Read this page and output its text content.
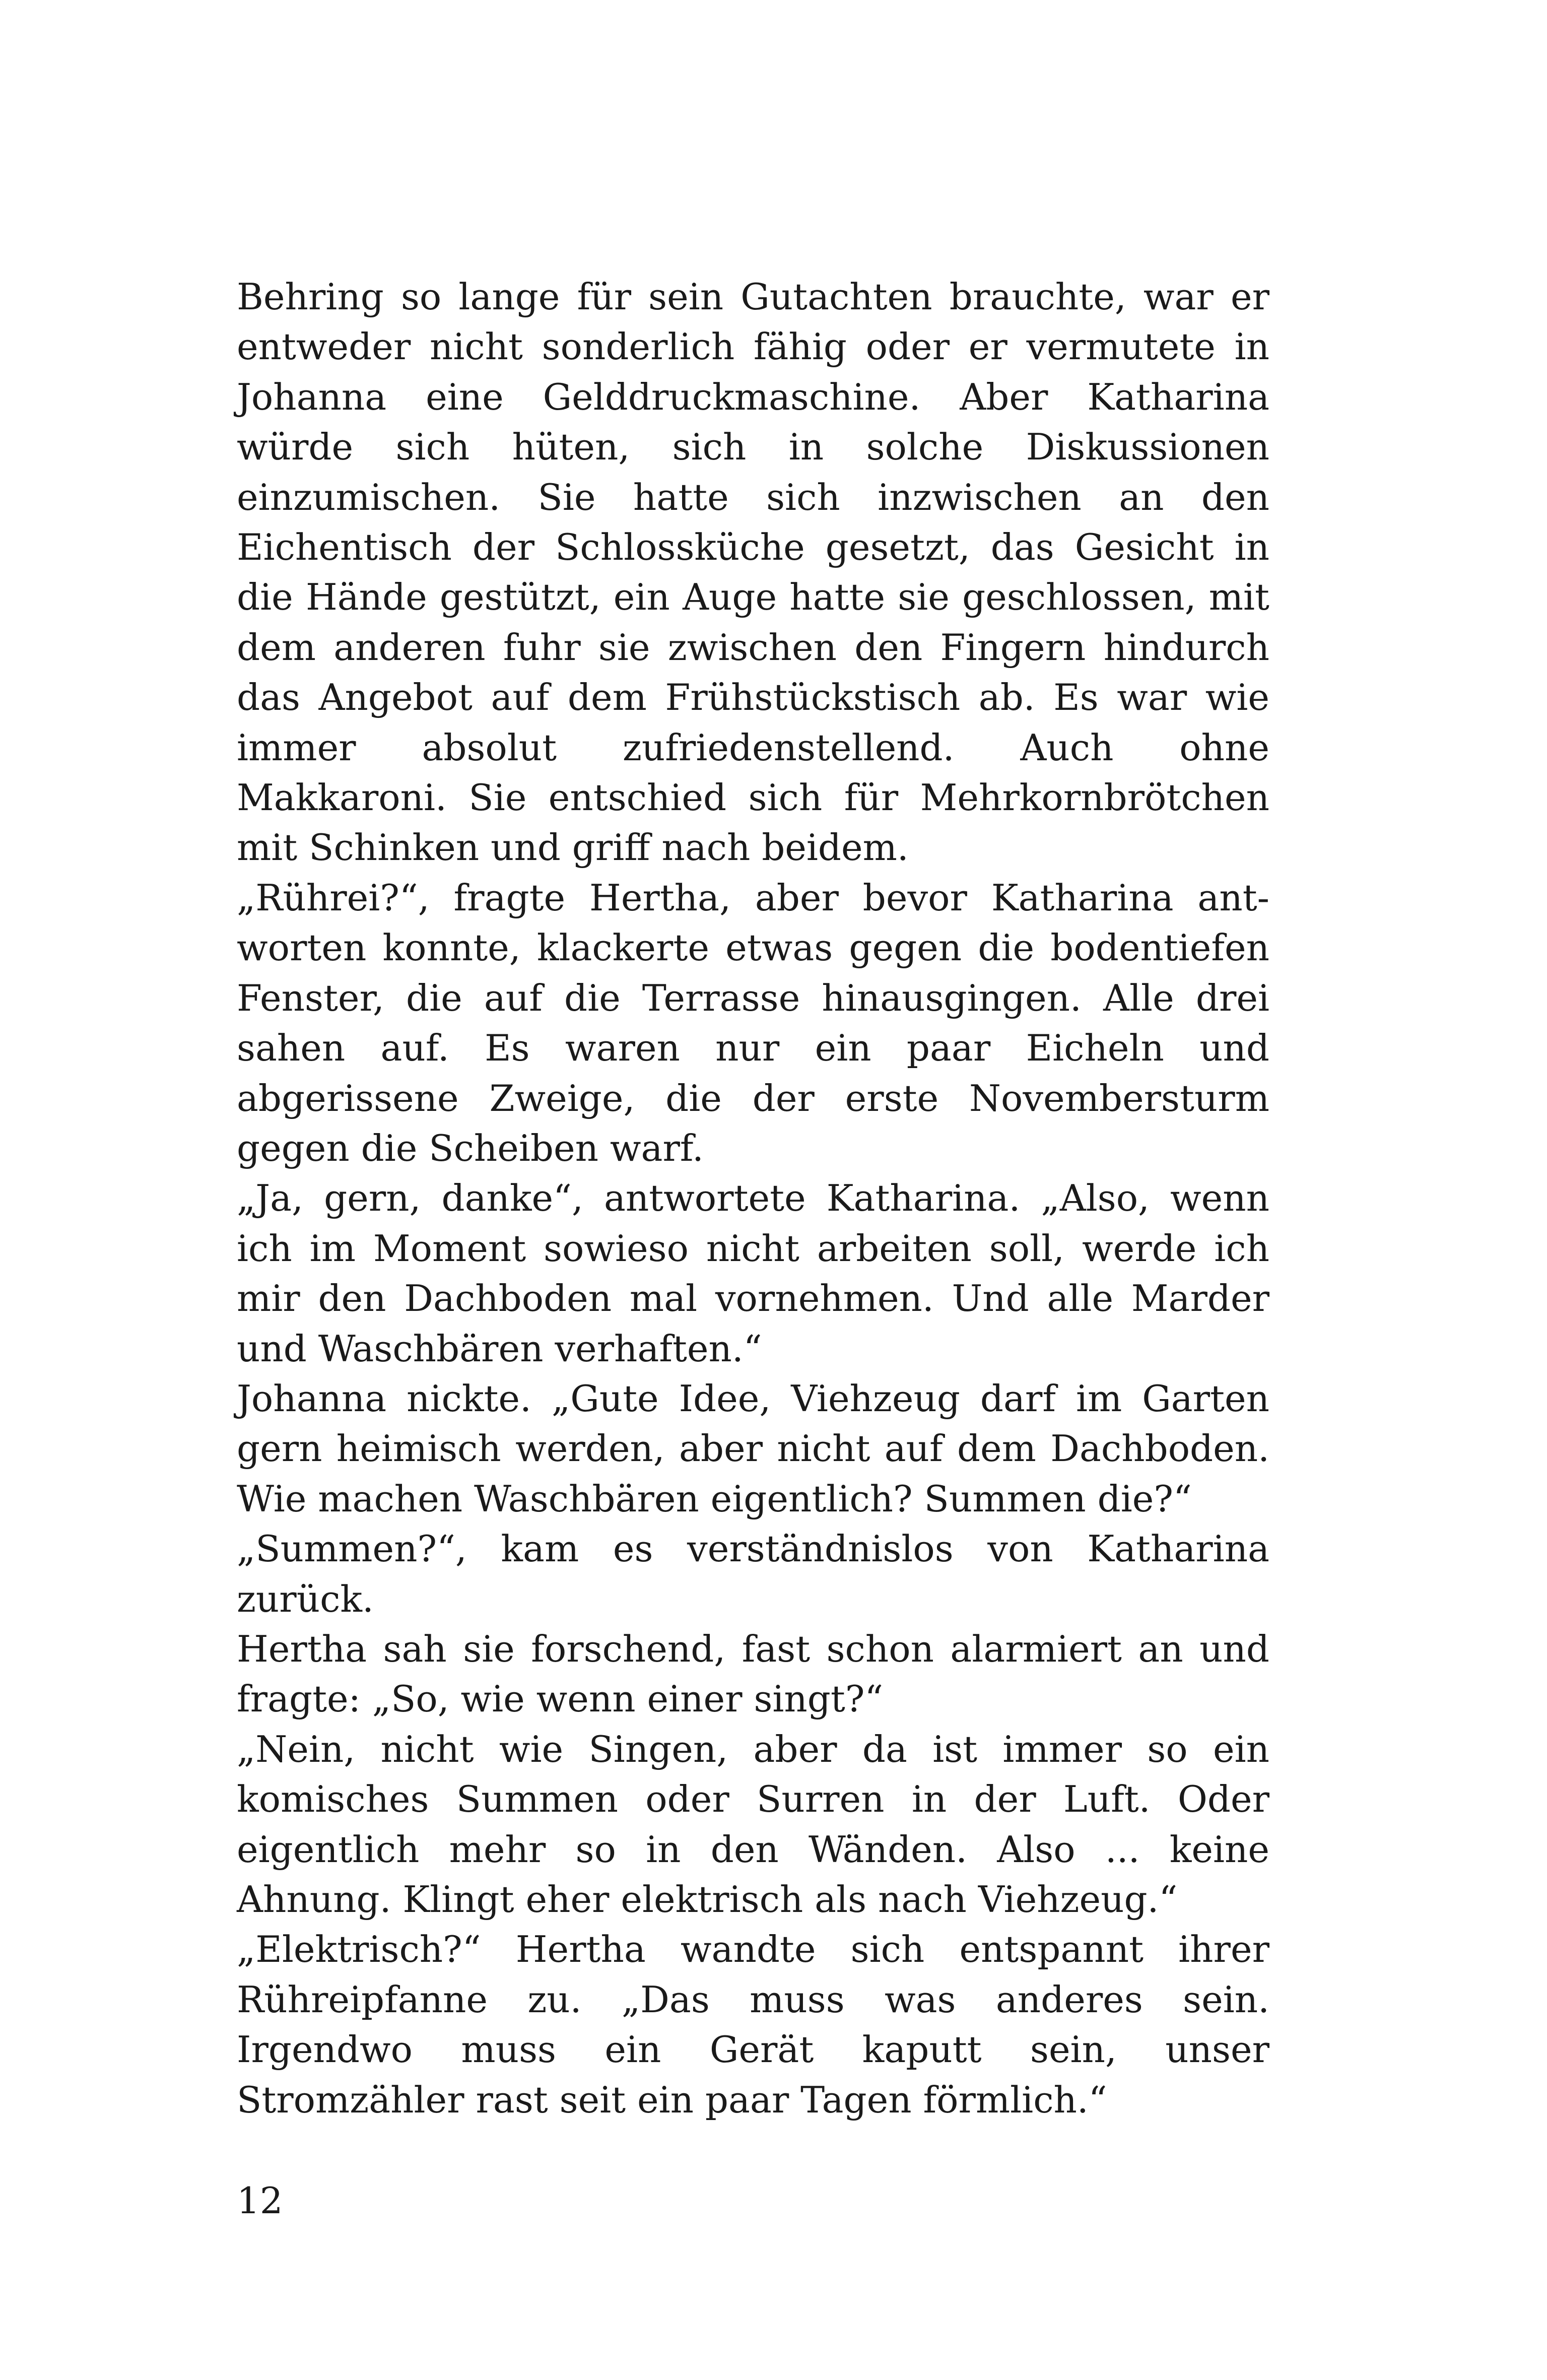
Behring so lange für sein Gutachten brauchte, war er entweder nicht sonderlich fähig oder er vermutete in Johanna eine Gelddruckmaschine. Aber Katharina würde sich hüten, sich in solche Diskussionen einzumischen. Sie hatte sich inzwischen an den Eichentisch der Schlossküche gesetzt, das Gesicht in die Hände gestützt, ein Auge hatte sie geschlossen, mit dem anderen fuhr sie zwischen den Fingern hindurch das Angebot auf dem Frühstückstisch ab. Es war wie immer absolut zufriedenstellend. Auch ohne Makkaroni. Sie entschied sich für Mehrkornbrötchen mit Schinken und griff nach beidem.

„Rührei?“, fragte Hertha, aber bevor Katharina antworten konnte, klackerte etwas gegen die bodentiefen Fenster, die auf die Terrasse hinausgingen. Alle drei sahen auf. Es waren nur ein paar Eicheln und abgerissene Zweige, die der erste Novembersturm gegen die Scheiben warf.

„Ja, gern, danke“, antwortete Katharina. „Also, wenn ich im Moment sowieso nicht arbeiten soll, werde ich mir den Dachboden mal vornehmen. Und alle Marder und Waschbären verhaften.“

Johanna nickte. „Gute Idee, Viehzeug darf im Garten gern heimisch werden, aber nicht auf dem Dachboden. Wie machen Waschbären eigentlich? Summen die?“

„Summen?“, kam es verständnislos von Katharina zurück.

Hertha sah sie forschend, fast schon alarmiert an und fragte: „So, wie wenn einer singt?“

„Nein, nicht wie Singen, aber da ist immer so ein komisches Summen oder Surren in der Luft. Oder eigentlich mehr so in den Wänden. Also ... keine Ahnung. Klingt eher elektrisch als nach Viehzeug.“

„Elektrisch?“ Hertha wandte sich entspannt ihrer Rühreipfanne zu. „Das muss was anderes sein. Irgendwo muss ein Gerät kaputt sein, unser Stromzähler rast seit ein paar Tagen förmlich.“

12
